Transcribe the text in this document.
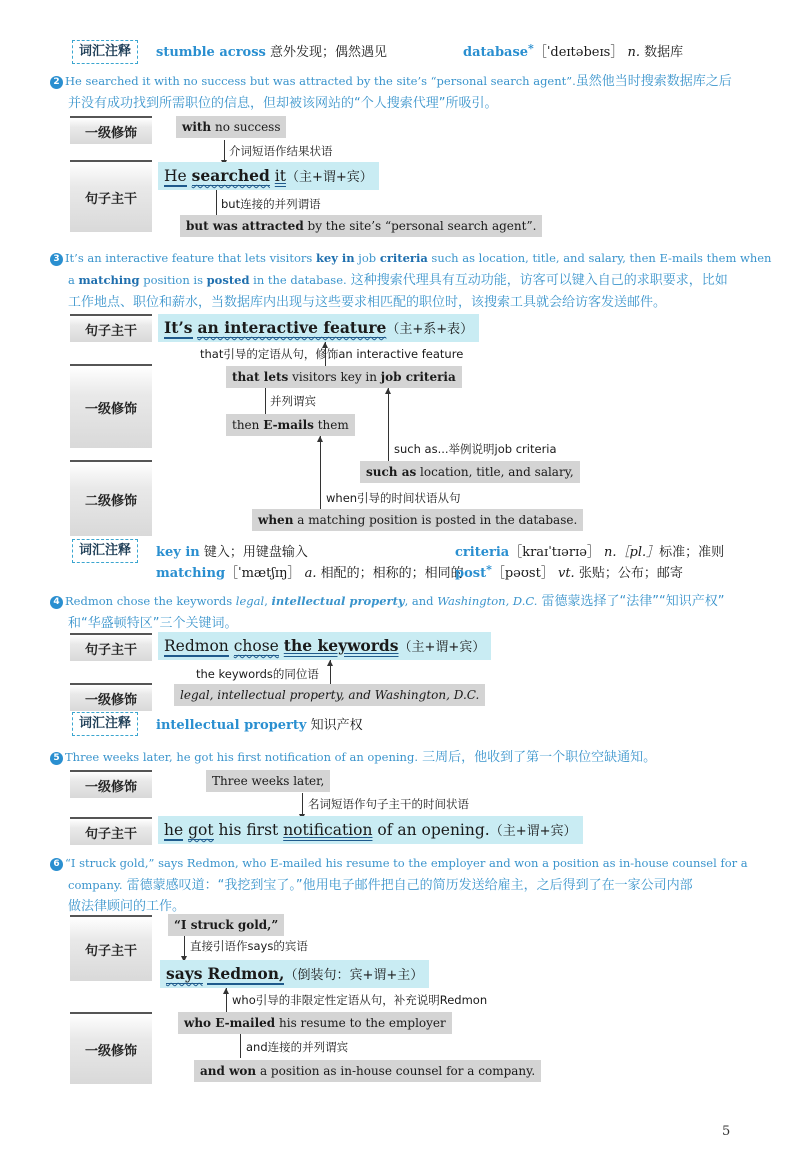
词汇注释	stumble across 意外发现；偶然遇见	database*［ˈdeɪtəbeɪs］ n. 数据库
2 He searched it with no success but was attracted by the site’s “personal search agent”.虽然他当时搜索数据库之后
并没有成功找到所需职位的信息，但却被该网站的“个人搜索代理”所吸引。
一级修饰	with no success
介词短语作结果状语
句子主干
He searched it（主+谓+宾）
but连接的并列谓语
but was attracted by the site’s “personal search agent”.
3 It’s an interactive feature that lets visitors key in job criteria such as location, title, and salary, then E-mails them when
a matching position is posted in the database. 这种搜索代理具有互动功能，访客可以键入自己的求职要求，比如
工作地点、职位和薪水，当数据库内出现与这些要求相匹配的职位时，该搜索工具就会给访客发送邮件。
句子主干	It’s an interactive feature（主+系+表）
that引导的定语从句，修饰an interactive feature
一级修饰
that lets visitors key in job criteria
并列谓宾
then E-mails them
such as...举例说明job criteria
二级修饰
such as location, title, and salary,
when引导的时间状语从句
when a matching position is posted in the database.
词汇注释	key in 键入；用键盘输入	criteria［kraɪˈtɪərɪə］ n.［pl.］标准；准则
matching［ˈmætʃɪŋ］ a. 相配的；相称的；相同的
post*［pəʊst］ vt. 张贴；公布；邮寄
4 Redmon chose the keywords legal, intellectual property, and Washington, D.C. 雷德蒙选择了“法律”“知识产权”
和“华盛顿特区”三个关键词。
句子主干	Redmon chose the keywords（主+谓+宾）
the keywords的同位语
一级修饰	legal, intellectual property, and Washington, D.C.
词汇注释	intellectual property 知识产权
5 Three weeks later, he got his first notification of an opening. 三周后，他收到了第一个职位空缺通知。
一级修饰	Three weeks later,
名词短语作句子主干的时间状语
句子主干	he got his first notification of an opening.（主+谓+宾）
6 “I struck gold,” says Redmon, who E-mailed his resume to the employer and won a position as in-house counsel for a
company. 雷德蒙感叹道：“我挖到宝了。”他用电子邮件把自己的简历发送给雇主，之后得到了在一家公司内部
做法律顾问的工作。
句子主干
“I struck gold,”
直接引语作says的宾语
says Redmon,（倒装句：宾+谓+主）
who引导的非限定性定语从句，补充说明Redmon
一级修饰
who E-mailed his resume to the employer
and连接的并列谓宾
and won a position as in-house counsel for a company.
5
